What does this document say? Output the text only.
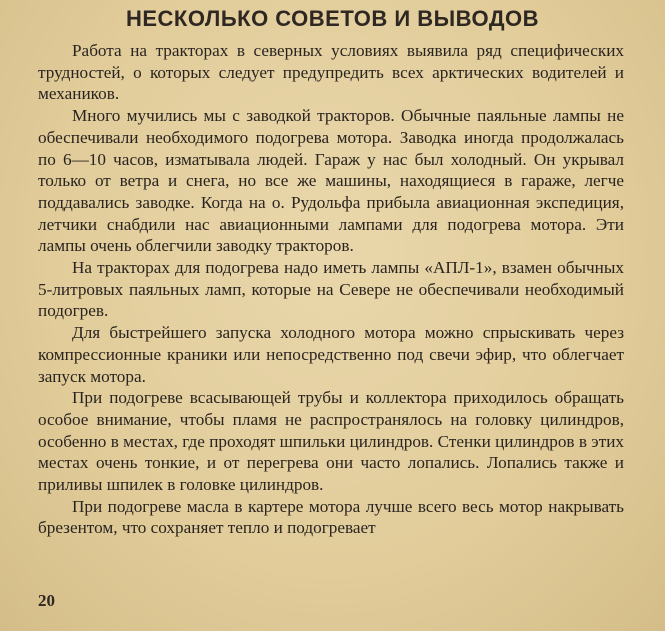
НЕСКОЛЬКО СОВЕТОВ И ВЫВОДОВ

Работа на тракторах в северных условиях выявила ряд специфических трудностей, о которых следует предупредить всех арктических водителей и механиков.

Много мучились мы с заводкой тракторов. Обычные паяльные лампы не обеспечивали необходимого подогрева мотора. Заводка иногда продолжалась по 6—10 часов, изматывала людей. Гараж у нас был холодный. Он укрывал только от ветра и снега, но все же машины, находящиеся в гараже, легче поддавались заводке. Когда на о. Рудольфа прибыла авиационная экспедиция, летчики снабдили нас авиационными лампами для подогрева мотора. Эти лампы очень облегчили заводку тракторов.

На тракторах для подогрева надо иметь лампы «АПЛ-1», взамен обычных 5-литровых паяльных ламп, которые на Севере не обеспечивали необходимый подогрев.

Для быстрейшего запуска холодного мотора можно спрыскивать через компрессионные краники или непосредственно под свечи эфир, что облегчает запуск мотора.

При подогреве всасывающей трубы и коллектора приходилось обращать особое внимание, чтобы пламя не распространялось на головку цилиндров, особенно в местах, где проходят шпильки цилиндров. Стенки цилиндров в этих местах очень тонкие, и от перегрева они часто лопались. Лопались также и приливы шпилек в головке цилиндров.

При подогреве масла в картере мотора лучше всего весь мотор накрывать брезентом, что сохраняет тепло и подогревает

20
